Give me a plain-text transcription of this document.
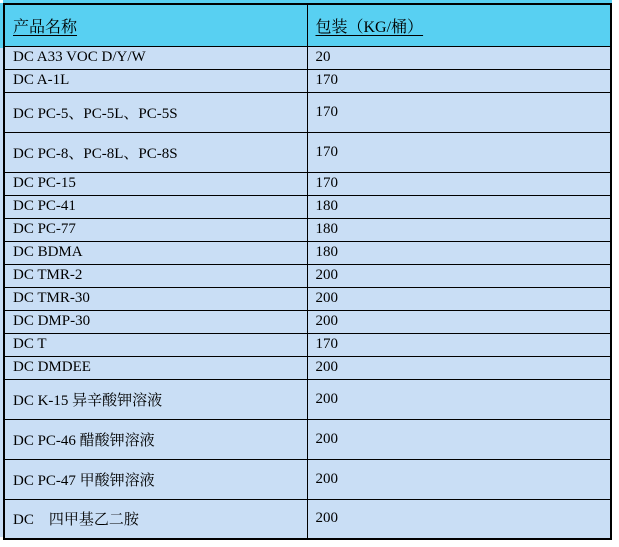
产品名称	包装（KG/桶）
DC A33 VOC D/Y/W	20
DC A-1L	170
DC PC-5、PC-5L、PC-5S	170
DC PC-8、PC-8L、PC-8S	170
DC PC-15	170
DC PC-41	180
DC PC-77	180
DC BDMA	180
DC TMR-2	200
DC TMR-30	200
DC DMP-30	200
DC T	170
DC DMDEE	200
DC K-15 异辛酸钾溶液	200
DC PC-46 醋酸钾溶液	200
DC PC-47 甲酸钾溶液	200
DC　四甲基乙二胺	200
